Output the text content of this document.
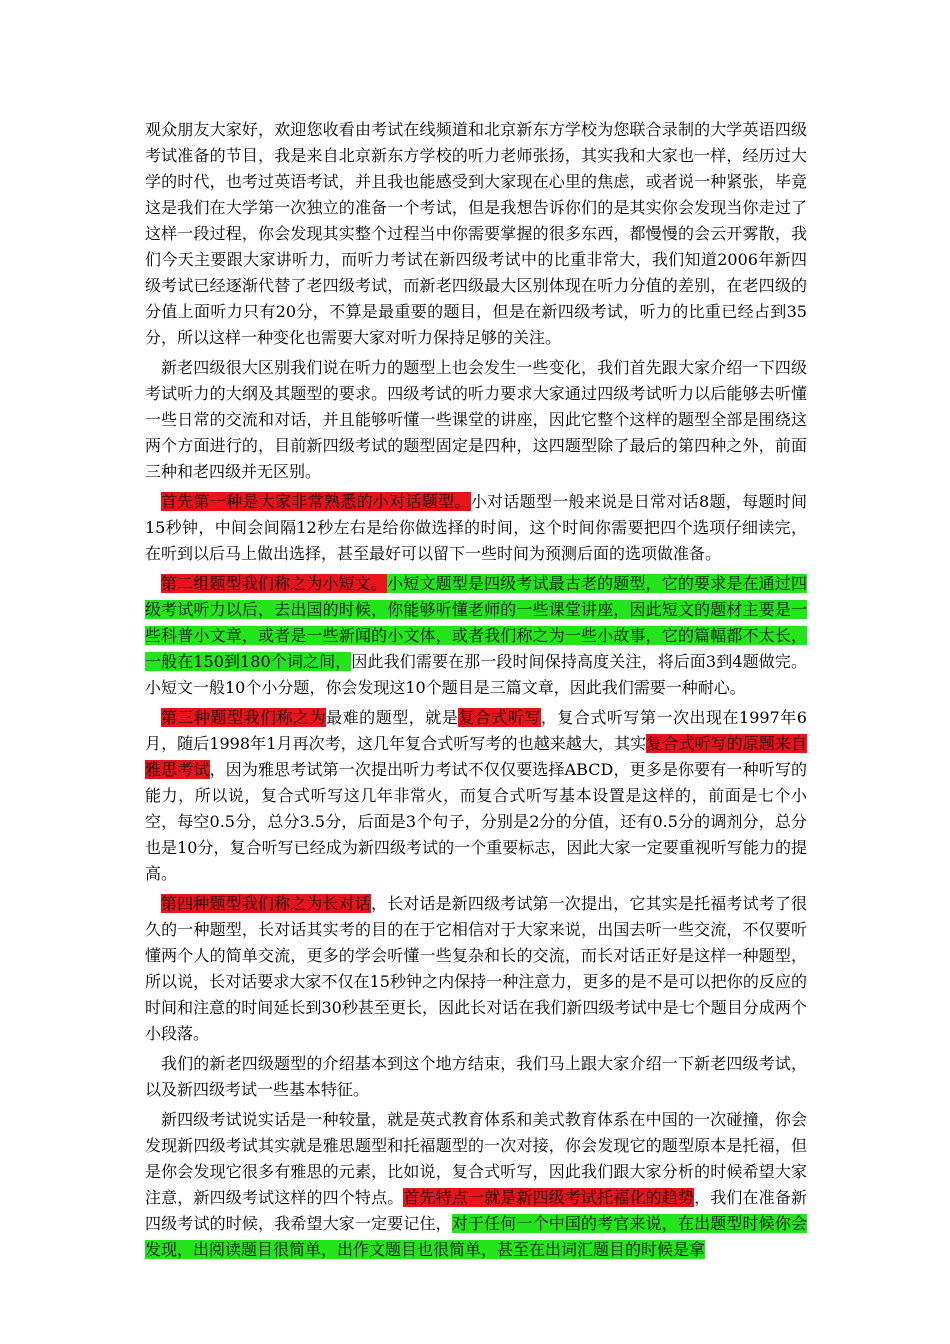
观众朋友大家好，欢迎您收看由考试在线频道和北京新东方学校为您联合录制的大学英语四级考试准备的节目，我是来自北京新东方学校的听力老师张扬，其实我和大家也一样，经历过大学的时代，也考过英语考试，并且我也能感受到大家现在心里的焦虑，或者说一种紧张，毕竟这是我们在大学第一次独立的准备一个考试，但是我想告诉你们的是其实你会发现当你走过了这样一段过程，你会发现其实整个过程当中你需要掌握的很多东西，都慢慢的会云开雾散，我们今天主要跟大家讲听力，而听力考试在新四级考试中的比重非常大，我们知道2006年新四级考试已经逐渐代替了老四级考试，而新老四级最大区别体现在听力分值的差别，在老四级的分值上面听力只有20分，不算是最重要的题目，但是在新四级考试，听力的比重已经占到35分，所以这样一种变化也需要大家对听力保持足够的关注。

新老四级很大区别我们说在听力的题型上也会发生一些变化，我们首先跟大家介绍一下四级考试听力的大纲及其题型的要求。四级考试的听力要求大家通过四级考试听力以后能够去听懂一些日常的交流和对话，并且能够听懂一些课堂的讲座，因此它整个这样的题型全部是围绕这两个方面进行的，目前新四级考试的题型固定是四种，这四题型除了最后的第四种之外，前面三种和老四级并无区别。

首先第一种是大家非常熟悉的小对话题型。小对话题型一般来说是日常对话8题，每题时间15秒钟，中间会间隔12秒左右是给你做选择的时间，这个时间你需要把四个选项仔细读完，在听到以后马上做出选择，甚至最好可以留下一些时间为预测后面的选项做准备。

第二组题型我们称之为小短文。小短文题型是四级考试最古老的题型，它的要求是在通过四级考试听力以后，去出国的时候，你能够听懂老师的一些课堂讲座，因此短文的题材主要是一些科普小文章，或者是一些新闻的小文体，或者我们称之为一些小故事，它的篇幅都不太长，一般在150到180个词之间，因此我们需要在那一段时间保持高度关注，将后面3到4题做完。小短文一般10个小分题，你会发现这10个题目是三篇文章，因此我们需要一种耐心。

第三种题型我们称之为最难的题型，就是复合式听写，复合式听写第一次出现在1997年6月，随后1998年1月再次考，这几年复合式听写考的也越来越大，其实复合式听写的原题来自雅思考试，因为雅思考试第一次提出听力考试不仅仅要选择ABCD，更多是你要有一种听写的能力，所以说，复合式听写这几年非常火，而复合式听写基本设置是这样的，前面是七个小空，每空0.5分，总分3.5分，后面是3个句子，分别是2分的分值，还有0.5分的调剂分，总分也是10分，复合听写已经成为新四级考试的一个重要标志，因此大家一定要重视听写能力的提高。

第四种题型我们称之为长对话，长对话是新四级考试第一次提出，它其实是托福考试考了很久的一种题型，长对话其实考的目的在于它相信对于大家来说，出国去听一些交流，不仅要听懂两个人的简单交流，更多的学会听懂一些复杂和长的交流，而长对话正好是这样一种题型，所以说，长对话要求大家不仅在15秒钟之内保持一种注意力，更多的是不是可以把你的反应的时间和注意的时间延长到30秒甚至更长，因此长对话在我们新四级考试中是七个题目分成两个小段落。

我们的新老四级题型的介绍基本到这个地方结束，我们马上跟大家介绍一下新老四级考试，以及新四级考试一些基本特征。

新四级考试说实话是一种较量，就是英式教育体系和美式教育体系在中国的一次碰撞，你会发现新四级考试其实就是雅思题型和托福题型的一次对接，你会发现它的题型原本是托福，但是你会发现它很多有雅思的元素，比如说，复合式听写，因此我们跟大家分析的时候希望大家注意，新四级考试这样的四个特点。首先特点一就是新四级考试托福化的趋势，我们在准备新四级考试的时候，我希望大家一定要记住，对于任何一个中国的考官来说，在出题型时候你会发现，出阅读题目很简单，出作文题目也很简单，甚至在出词汇题目的时候是拿
